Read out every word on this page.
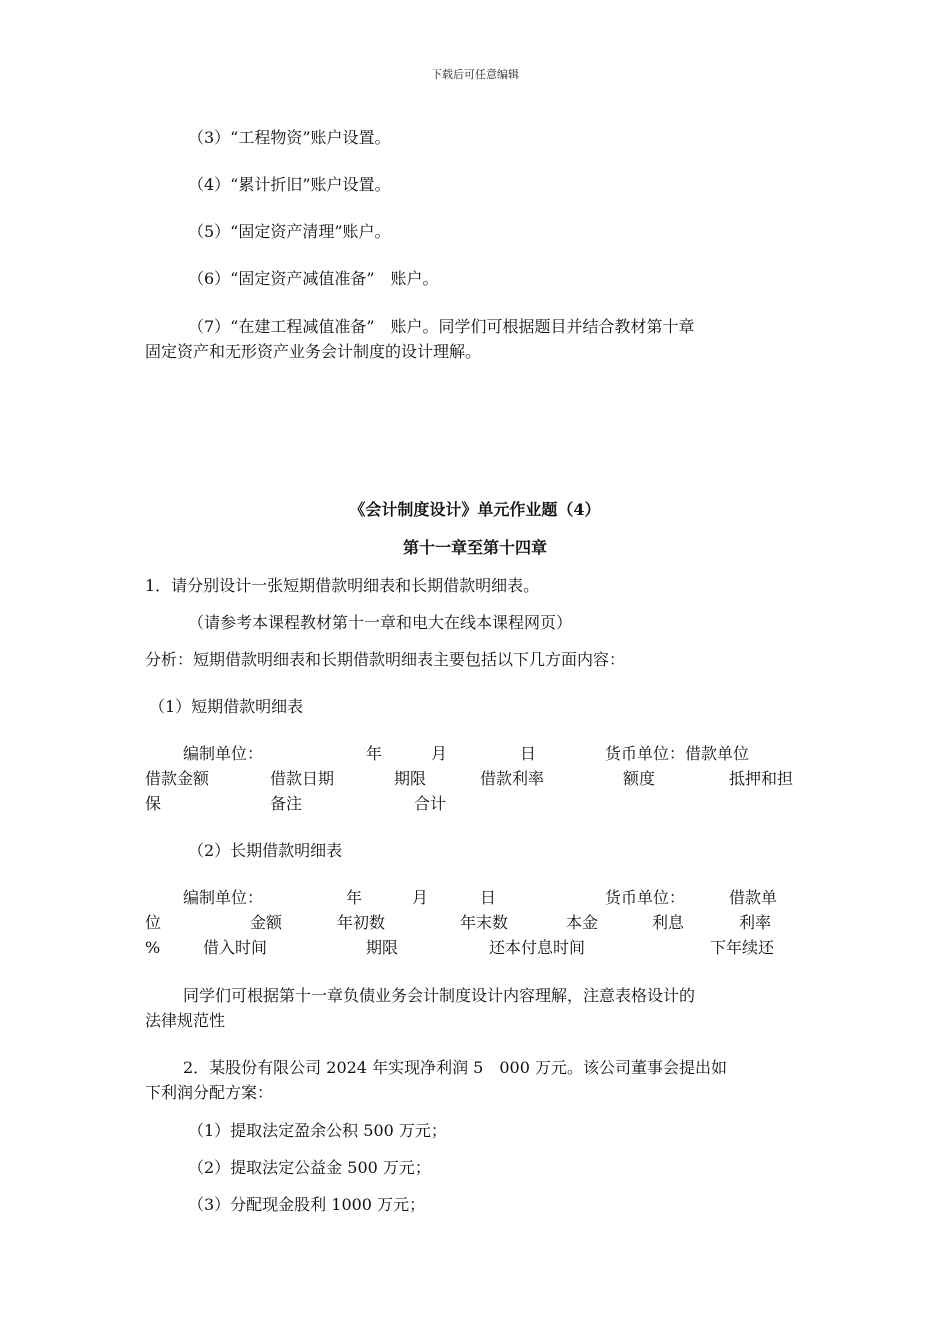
下载后可任意编辑
（3）“工程物资”账户设置。
（4）“累计折旧”账户设置。
（5）“固定资产清理”账户。
（6）“固定资产减值准备”　账户。
（7）“在建工程减值准备”　账户。同学们可根据题目并结合教材第十章
固定资产和无形资产业务会计制度的设计理解。
《会计制度设计》单元作业题（4）
第十一章至第十四章
1．请分别设计一张短期借款明细表和长期借款明细表。
（请参考本课程教材第十一章和电大在线本课程网页）
分析：短期借款明细表和长期借款明细表主要包括以下几方面内容：
（1）短期借款明细表
编制单位：	年	月	日	货币单位：借款单位
借款金额	借款日期	期限	借款利率	额度	抵押和担
保	备注	合计
（2）长期借款明细表
编制单位：	年	月	日	货币单位：	借款单
位	金额	年初数	年末数	本金	利息	利率
%	借入时间	期限	还本付息时间	下年续还
同学们可根据第十一章负债业务会计制度设计内容理解，注意表格设计的
法律规范性
2．某股份有限公司 2024 年实现净利润 5　000 万元。该公司董事会提出如
下利润分配方案：
（1）提取法定盈余公积 500 万元；
（2）提取法定公益金 500 万元；
（3）分配现金股利 1000 万元；
